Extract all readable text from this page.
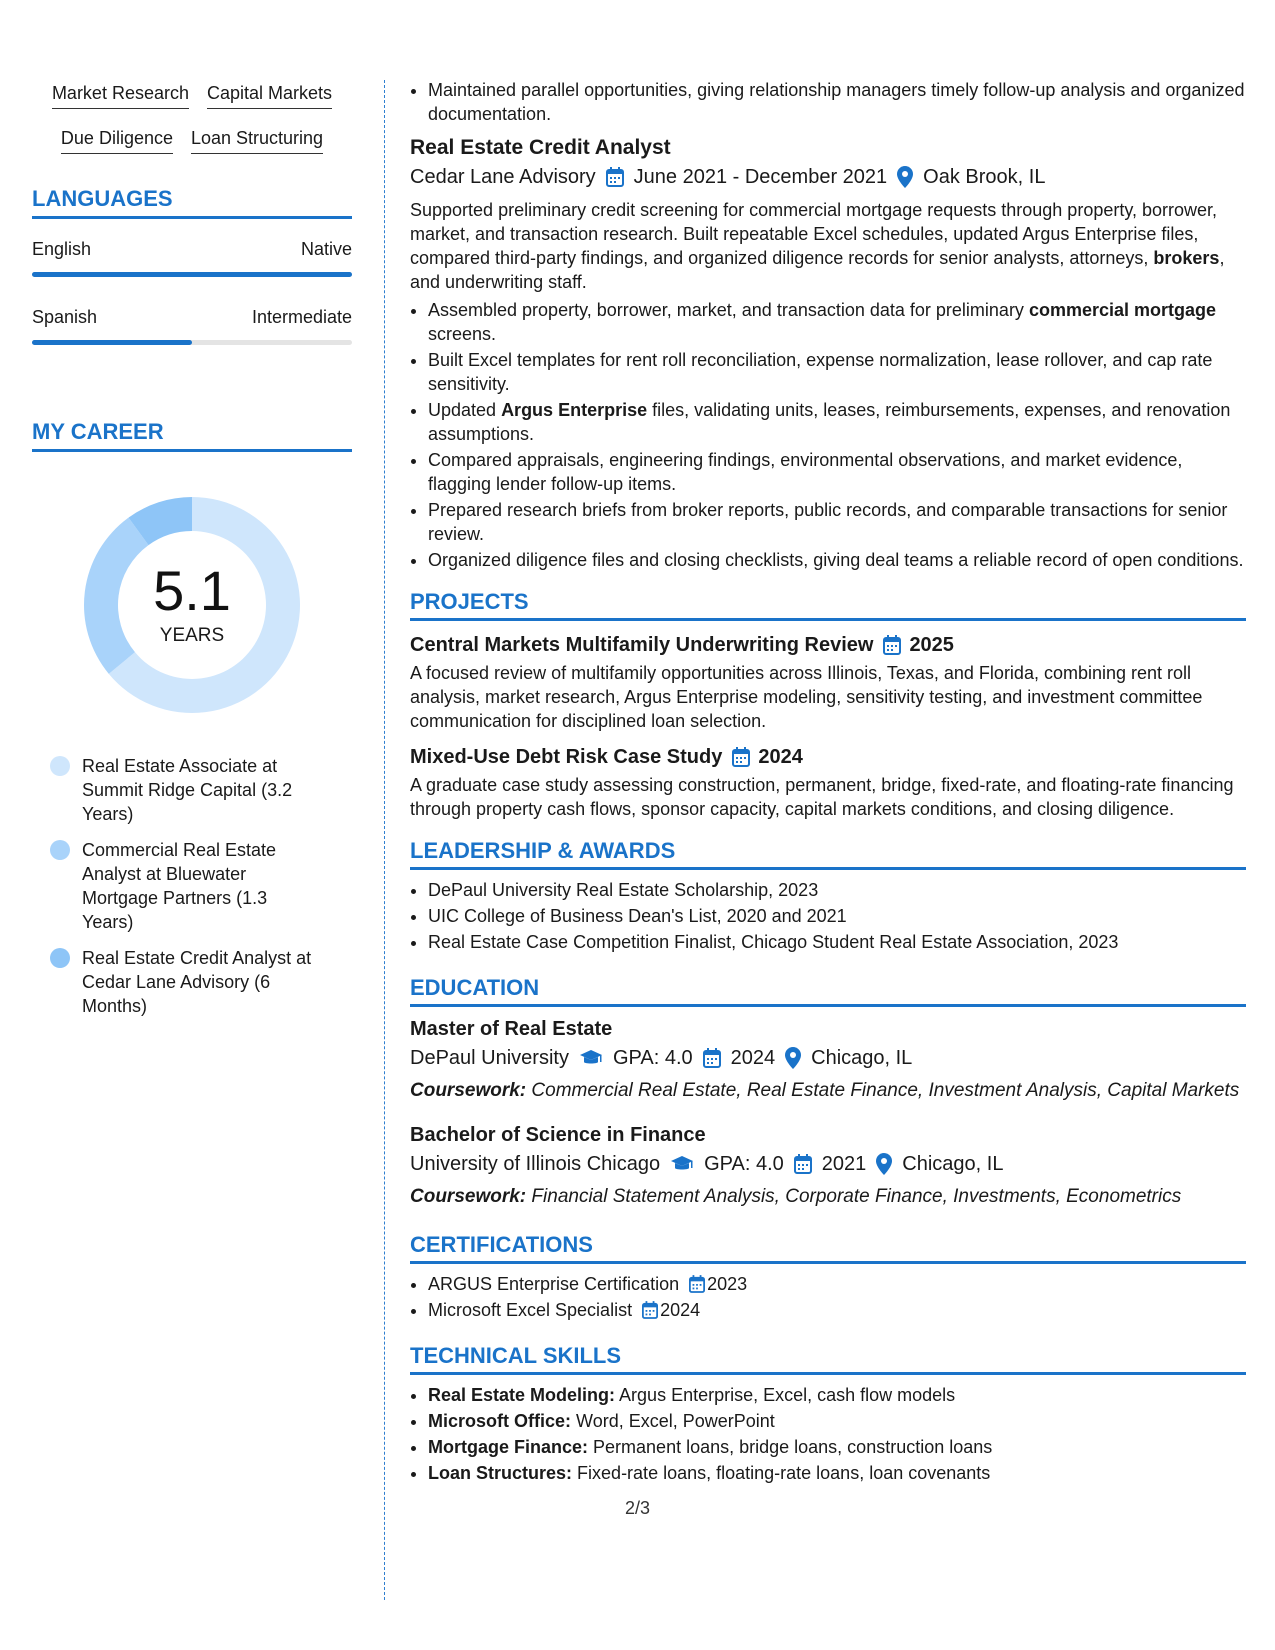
Market Research Capital Markets
Due Diligence Loan Structuring
LANGUAGES
English	Native
Spanish	Intermediate
MY CAREER
5.1
YEARS
Real Estate Associate at Summit Ridge Capital (3.2 Years)
Commercial Real Estate Analyst at Bluewater Mortgage Partners (1.3 Years)
Real Estate Credit Analyst at Cedar Lane Advisory (6 Months)
• Maintained parallel opportunities, giving relationship managers timely follow-up analysis and organized documentation.
Real Estate Credit Analyst
Cedar Lane Advisory June 2021 - December 2021 Oak Brook, IL
Supported preliminary credit screening for commercial mortgage requests through property, borrower, market, and transaction research. Built repeatable Excel schedules, updated Argus Enterprise files, compared third-party findings, and organized diligence records for senior analysts, attorneys, brokers, and underwriting staff.
• Assembled property, borrower, market, and transaction data for preliminary commercial mortgage screens.
• Built Excel templates for rent roll reconciliation, expense normalization, lease rollover, and cap rate sensitivity.
• Updated Argus Enterprise files, validating units, leases, reimbursements, expenses, and renovation assumptions.
• Compared appraisals, engineering findings, environmental observations, and market evidence, flagging lender follow-up items.
• Prepared research briefs from broker reports, public records, and comparable transactions for senior review.
• Organized diligence files and closing checklists, giving deal teams a reliable record of open conditions.
PROJECTS
Central Markets Multifamily Underwriting Review 2025
A focused review of multifamily opportunities across Illinois, Texas, and Florida, combining rent roll analysis, market research, Argus Enterprise modeling, sensitivity testing, and investment committee communication for disciplined loan selection.
Mixed-Use Debt Risk Case Study 2024
A graduate case study assessing construction, permanent, bridge, fixed-rate, and floating-rate financing through property cash flows, sponsor capacity, capital markets conditions, and closing diligence.
LEADERSHIP & AWARDS
• DePaul University Real Estate Scholarship, 2023
• UIC College of Business Dean's List, 2020 and 2021
• Real Estate Case Competition Finalist, Chicago Student Real Estate Association, 2023
EDUCATION
Master of Real Estate
DePaul University GPA: 4.0 2024 Chicago, IL
Coursework: Commercial Real Estate, Real Estate Finance, Investment Analysis, Capital Markets
Bachelor of Science in Finance
University of Illinois Chicago GPA: 4.0 2021 Chicago, IL
Coursework: Financial Statement Analysis, Corporate Finance, Investments, Econometrics
CERTIFICATIONS
• ARGUS Enterprise Certification 2023
• Microsoft Excel Specialist 2024
TECHNICAL SKILLS
• Real Estate Modeling: Argus Enterprise, Excel, cash flow models
• Microsoft Office: Word, Excel, PowerPoint
• Mortgage Finance: Permanent loans, bridge loans, construction loans
• Loan Structures: Fixed-rate loans, floating-rate loans, loan covenants
2/3
